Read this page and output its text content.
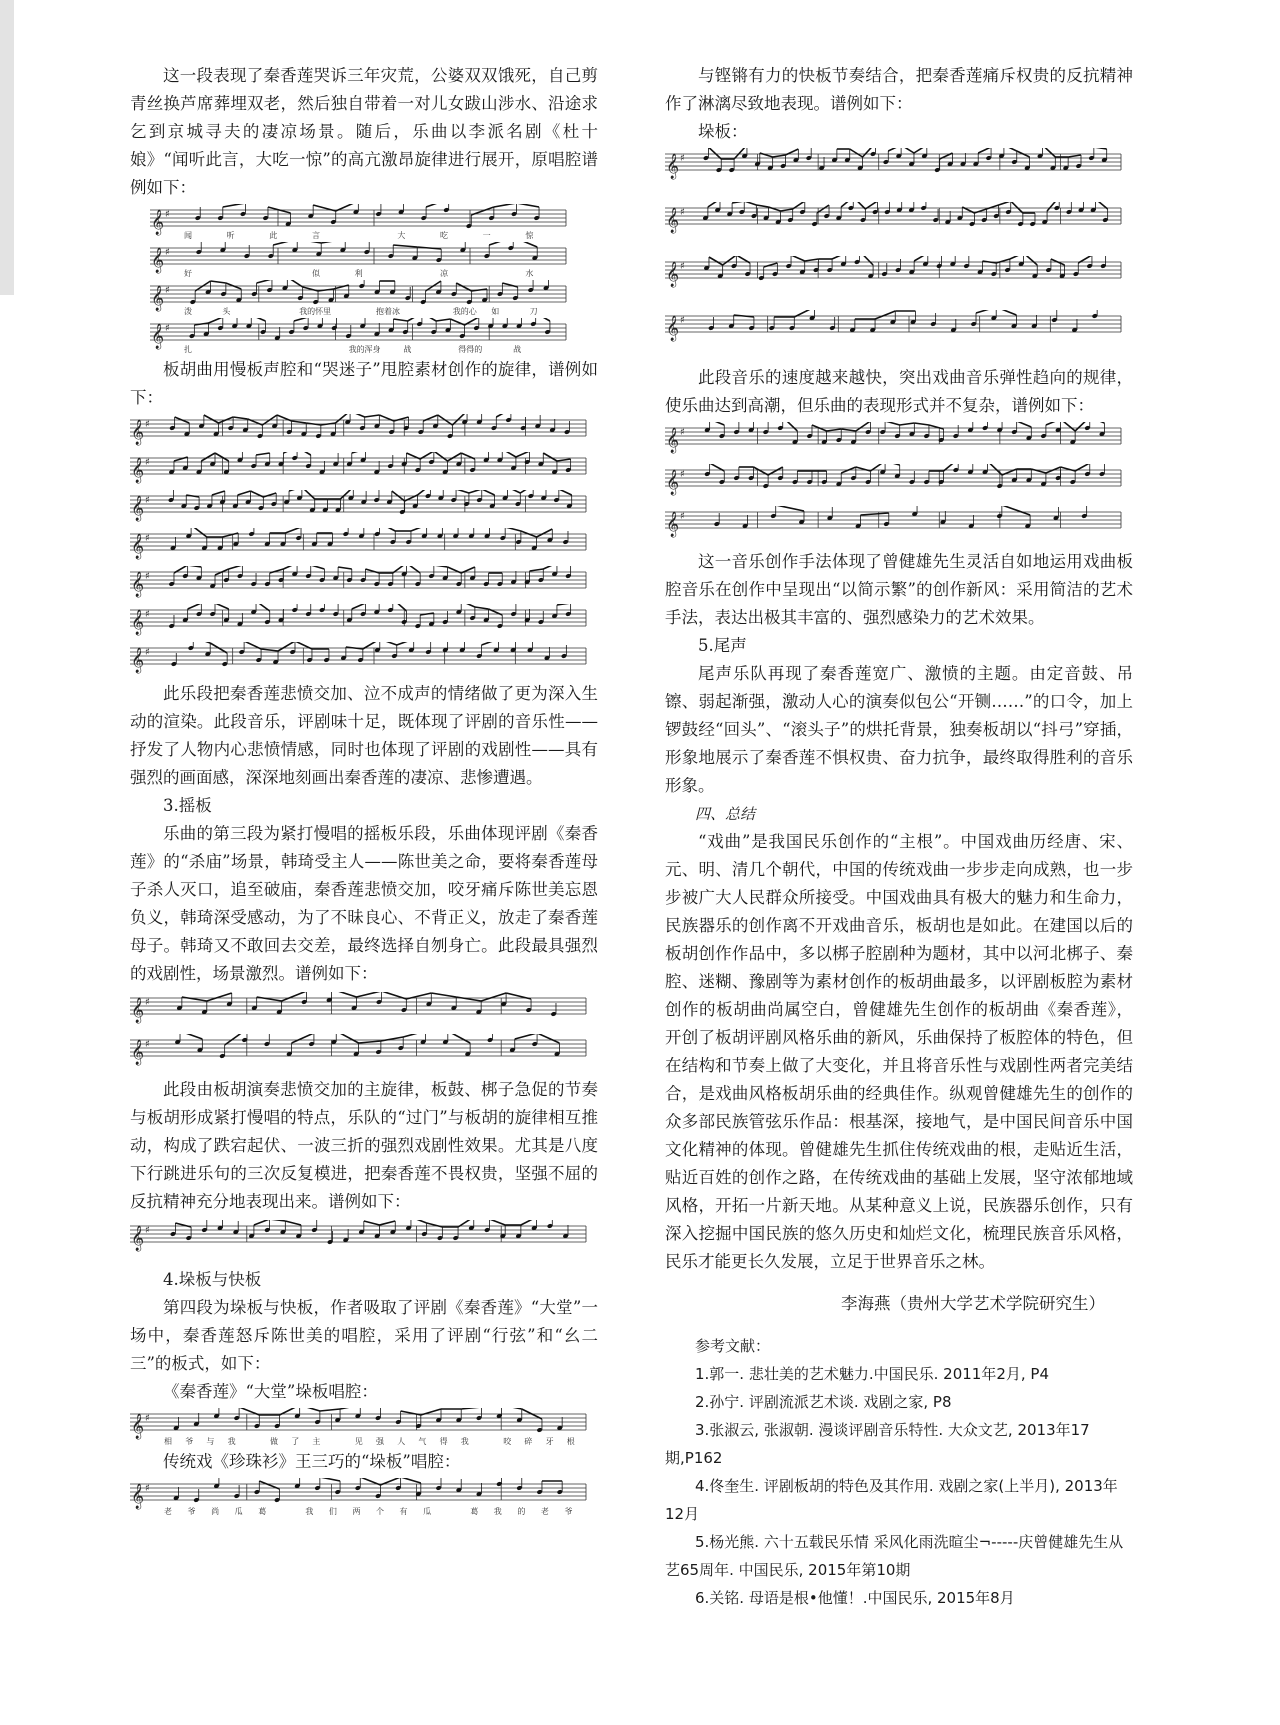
这一段表现了秦香莲哭诉三年灾荒，公婆双双饿死，自己剪青丝换芦席葬埋双老，然后独自带着一对儿女跋山涉水、沿途求乞到京城寻夫的凄凉场景。随后，乐曲以李派名剧《杜十娘》“闻听此言，大吃一惊”的高亢激昂旋律进行展开，原唱腔谱例如下：

𝄞 ♯
闻	听	此	言	大	吃	一	惊
𝄞 ♯
好	似	利	凉	水
𝄞 ♯
泼	头	我的怀里	抱着冰	我的心 如	刀
𝄞 ♯
扎	我的浑身	战	得得的	战

板胡曲用慢板声腔和“哭迷子”甩腔素材创作的旋律，谱例如下：

𝄞 ♯
𝄞 ♯
𝄞 ♯
𝄞 ♯
𝄞 ♯
𝄞 ♯
𝄞 ♯

此乐段把秦香莲悲愤交加、泣不成声的情绪做了更为深入生动的渲染。此段音乐，评剧味十足，既体现了评剧的音乐性——抒发了人物内心悲愤情感，同时也体现了评剧的戏剧性——具有强烈的画面感，深深地刻画出秦香莲的凄凉、悲惨遭遇。

3.摇板

乐曲的第三段为紧打慢唱的摇板乐段，乐曲体现评剧《秦香莲》的“杀庙”场景，韩琦受主人——陈世美之命，要将秦香莲母子杀人灭口，追至破庙，秦香莲悲愤交加，咬牙痛斥陈世美忘恩负义，韩琦深受感动，为了不昧良心、不背正义，放走了秦香莲母子。韩琦又不敢回去交差，最终选择自刎身亡。此段最具强烈的戏剧性，场景激烈。谱例如下：

𝄞 ♯
𝄞 ♯

此段由板胡演奏悲愤交加的主旋律，板鼓、梆子急促的节奏与板胡形成紧打慢唱的特点，乐队的“过门”与板胡的旋律相互推动，构成了跌宕起伏、一波三折的强烈戏剧性效果。尤其是八度下行跳进乐句的三次反复模进，把秦香莲不畏权贵，坚强不屈的反抗精神充分地表现出来。谱例如下：

𝄞 ♯
4.垛板与快板

第四段为垛板与快板，作者吸取了评剧《秦香莲》“大堂”一场中，秦香莲怒斥陈世美的唱腔，采用了评剧“行弦”和“幺二三”的板式，如下：

《秦香莲》“大堂”垛板唱腔：

𝄞 ♯
相 爷 与 我	做 了 主	见 强 人 气 得 我	咬 碎 牙 根

传统戏《珍珠衫》王三巧的“垛板”唱腔：

𝄞 ♯
老 爷 尚 瓜 葛	我 们 两 个 有 瓜	葛 我 的 老 爷

与铿锵有力的快板节奏结合，把秦香莲痛斥权贵的反抗精神作了淋漓尽致地表现。谱例如下：

垛板：

𝄞 ♯
𝄞 ♯
𝄞 ♯
𝄞 ♯

此段音乐的速度越来越快，突出戏曲音乐弹性趋向的规律，使乐曲达到高潮，但乐曲的表现形式并不复杂，谱例如下：

𝄞 ♯
𝄞 ♯
𝄞 ♯

这一音乐创作手法体现了曾健雄先生灵活自如地运用戏曲板腔音乐在创作中呈现出“以简示繁”的创作新风：采用简洁的艺术手法，表达出极其丰富的、强烈感染力的艺术效果。

5.尾声

尾声乐队再现了秦香莲宽广、激愤的主题。由定音鼓、吊镲、弱起渐强，激动人心的演奏似包公“开铡……”的口令，加上锣鼓经“回头”、“滚头子”的烘托背景，独奏板胡以“抖弓”穿插，形象地展示了秦香莲不惧权贵、奋力抗争，最终取得胜利的音乐形象。

四、总结

“戏曲”是我国民乐创作的“主根”。中国戏曲历经唐、宋、元、明、清几个朝代，中国的传统戏曲一步步走向成熟，也一步步被广大人民群众所接受。中国戏曲具有极大的魅力和生命力，民族器乐的创作离不开戏曲音乐，板胡也是如此。在建国以后的板胡创作作品中，多以梆子腔剧种为题材，其中以河北梆子、秦腔、迷糊、豫剧等为素材创作的板胡曲最多，以评剧板腔为素材创作的板胡曲尚属空白，曾健雄先生创作的板胡曲《秦香莲》，开创了板胡评剧风格乐曲的新风，乐曲保持了板腔体的特色，但在结构和节奏上做了大变化，并且将音乐性与戏剧性两者完美结合，是戏曲风格板胡乐曲的经典佳作。纵观曾健雄先生的创作的众多部民族管弦乐作品：根基深，接地气，是中国民间音乐中国文化精神的体现。曾健雄先生抓住传统戏曲的根，走贴近生活，贴近百姓的创作之路，在传统戏曲的基础上发展，坚守浓郁地域风格，开拓一片新天地。从某种意义上说，民族器乐创作，只有深入挖掘中国民族的悠久历史和灿烂文化，梳理民族音乐风格，民乐才能更长久发展，立足于世界音乐之林。

李海燕（贵州大学艺术学院研究生）

参考文献：

1.郭一. 悲壮美的艺术魅力.中国民乐. 2011年2月, P4

2.孙宁. 评剧流派艺术谈. 戏剧之家, P8

3.张淑云, 张淑朝. 漫谈评剧音乐特性. 大众文艺, 2013年17期,P162

4.佟奎生. 评剧板胡的特色及其作用. 戏剧之家(上半月), 2013年12月

5.杨光熊. 六十五载民乐情 采风化雨洗暄尘¬-----庆曾健雄先生从艺65周年. 中国民乐, 2015年第10期

6.关铭. 母语是根•他懂！.中国民乐, 2015年8月
